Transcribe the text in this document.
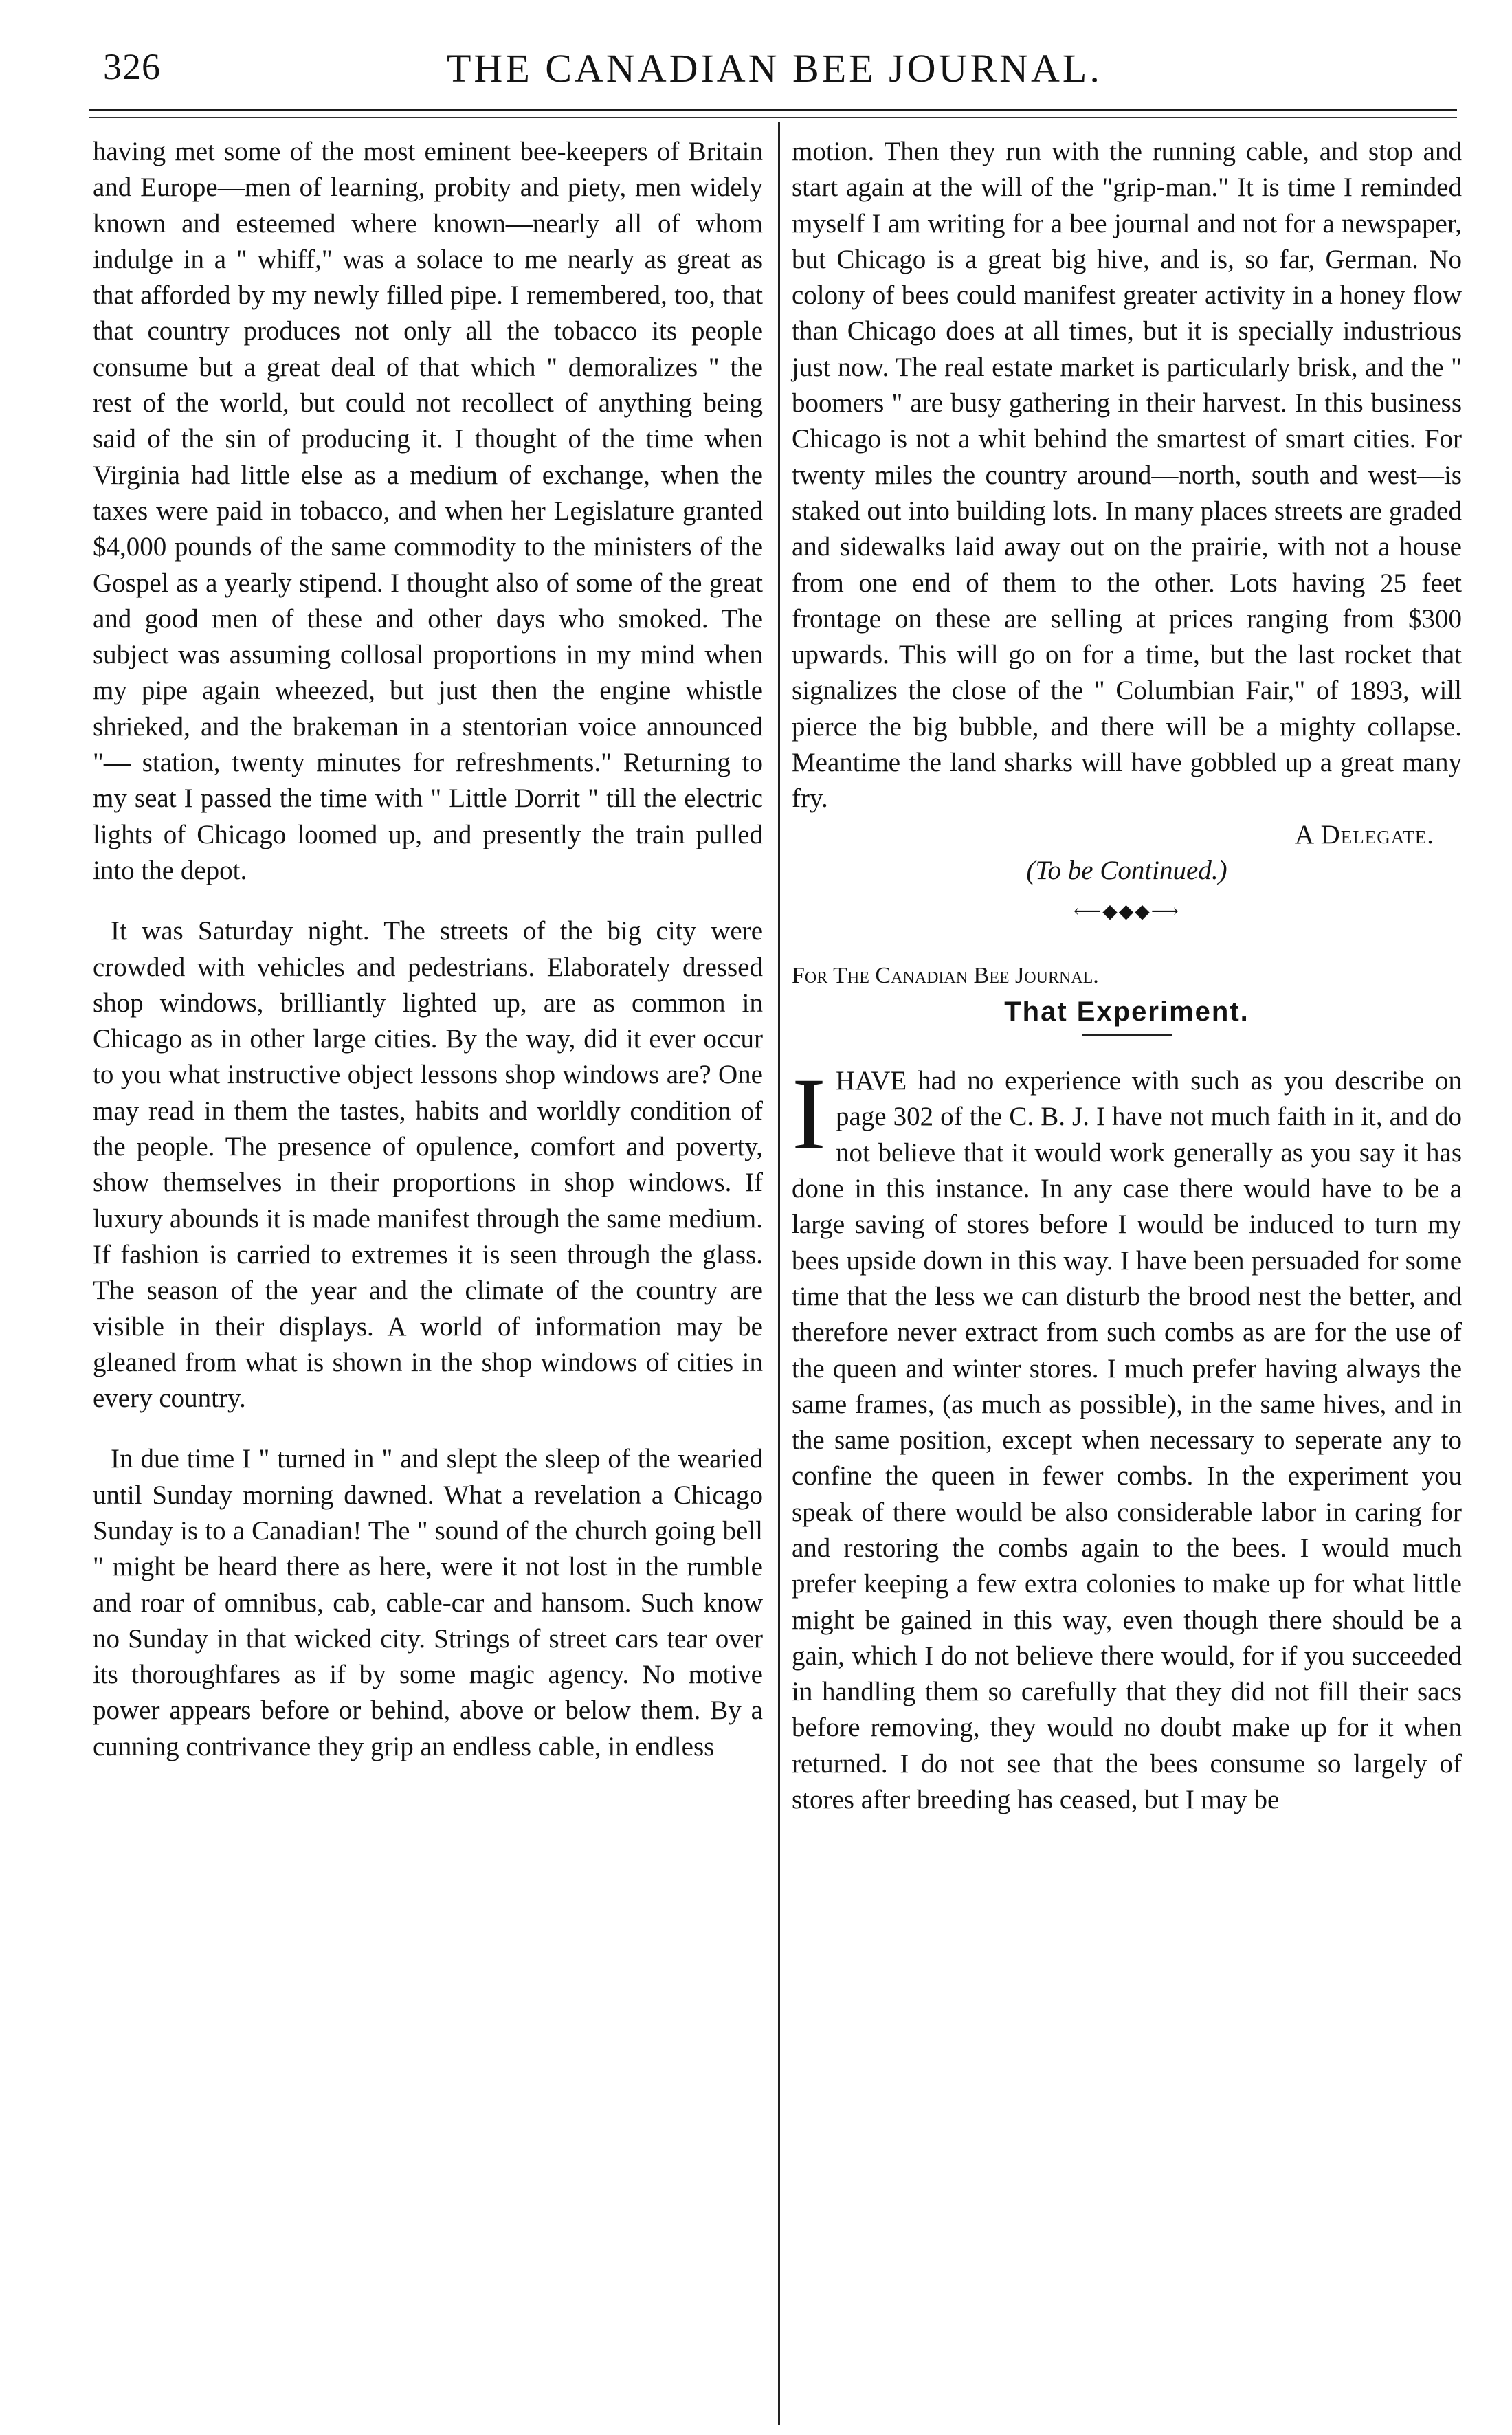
326	THE CANADIAN BEE JOURNAL.

having met some of the most eminent bee-keepers of Britain and Europe—men of learning, probity and piety, men widely known and esteemed where known—nearly all of whom indulge in a " whiff," was a solace to me nearly as great as that afforded by my newly filled pipe. I remembered, too, that that country produces not only all the tobacco its people consume but a great deal of that which " demoralizes " the rest of the world, but could not recollect of anything being said of the sin of producing it. I thought of the time when Virginia had little else as a medium of exchange, when the taxes were paid in tobacco, and when her Legislature granted $4,000 pounds of the same commodity to the ministers of the Gospel as a yearly stipend. I thought also of some of the great and good men of these and other days who smoked. The subject was assuming collosal proportions in my mind when my pipe again wheezed, but just then the engine whistle shrieked, and the brakeman in a stentorian voice announced "— station, twenty minutes for refreshments." Returning to my seat I passed the time with " Little Dorrit " till the electric lights of Chicago loomed up, and presently the train pulled into the depot.

It was Saturday night. The streets of the big city were crowded with vehicles and pedestrians. Elaborately dressed shop windows, brilliantly lighted up, are as common in Chicago as in other large cities. By the way, did it ever occur to you what instructive object lessons shop windows are? One may read in them the tastes, habits and worldly condition of the people. The presence of opulence, comfort and poverty, show themselves in their proportions in shop windows. If luxury abounds it is made manifest through the same medium. If fashion is carried to extremes it is seen through the glass. The season of the year and the climate of the country are visible in their displays. A world of information may be gleaned from what is shown in the shop windows of cities in every country.

In due time I " turned in " and slept the sleep of the wearied until Sunday morning dawned. What a revelation a Chicago Sunday is to a Canadian! The " sound of the church going bell " might be heard there as here, were it not lost in the rumble and roar of omnibus, cab, cable-car and hansom. Such know no Sunday in that wicked city. Strings of street cars tear over its thoroughfares as if by some magic agency. No motive power appears before or behind, above or below them. By a cunning contrivance they grip an endless cable, in endless

motion. Then they run with the running cable, and stop and start again at the will of the "grip-man." It is time I reminded myself I am writing for a bee journal and not for a newspaper, but Chicago is a great big hive, and is, so far, German. No colony of bees could manifest greater activity in a honey flow than Chicago does at all times, but it is specially industrious just now. The real estate market is particularly brisk, and the " boomers " are busy gathering in their harvest. In this business Chicago is not a whit behind the smartest of smart cities. For twenty miles the country around—north, south and west—is staked out into building lots. In many places streets are graded and sidewalks laid away out on the prairie, with not a house from one end of them to the other. Lots having 25 feet frontage on these are selling at prices ranging from $300 upwards. This will go on for a time, but the last rocket that signalizes the close of the " Columbian Fair," of 1893, will pierce the big bubble, and there will be a mighty collapse. Meantime the land sharks will have gobbled up a great many fry.

A Delegate.

(To be Continued.)

⟵◆◆◆⟶

For The Canadian Bee Journal.

That Experiment.

IHAVE had no experience with such as you describe on page 302 of the C. B. J. I have not much faith in it, and do not believe that it would work generally as you say it has done in this instance. In any case there would have to be a large saving of stores before I would be induced to turn my bees upside down in this way. I have been persuaded for some time that the less we can disturb the brood nest the better, and therefore never extract from such combs as are for the use of the queen and winter stores. I much prefer having always the same frames, (as much as possible), in the same hives, and in the same position, except when necessary to seperate any to confine the queen in fewer combs. In the experiment you speak of there would be also considerable labor in caring for and restoring the combs again to the bees. I would much prefer keeping a few extra colonies to make up for what little might be gained in this way, even though there should be a gain, which I do not believe there would, for if you succeeded in handling them so carefully that they did not fill their sacs before removing, they would no doubt make up for it when returned. I do not see that the bees consume so largely of stores after breeding has ceased, but I may be
